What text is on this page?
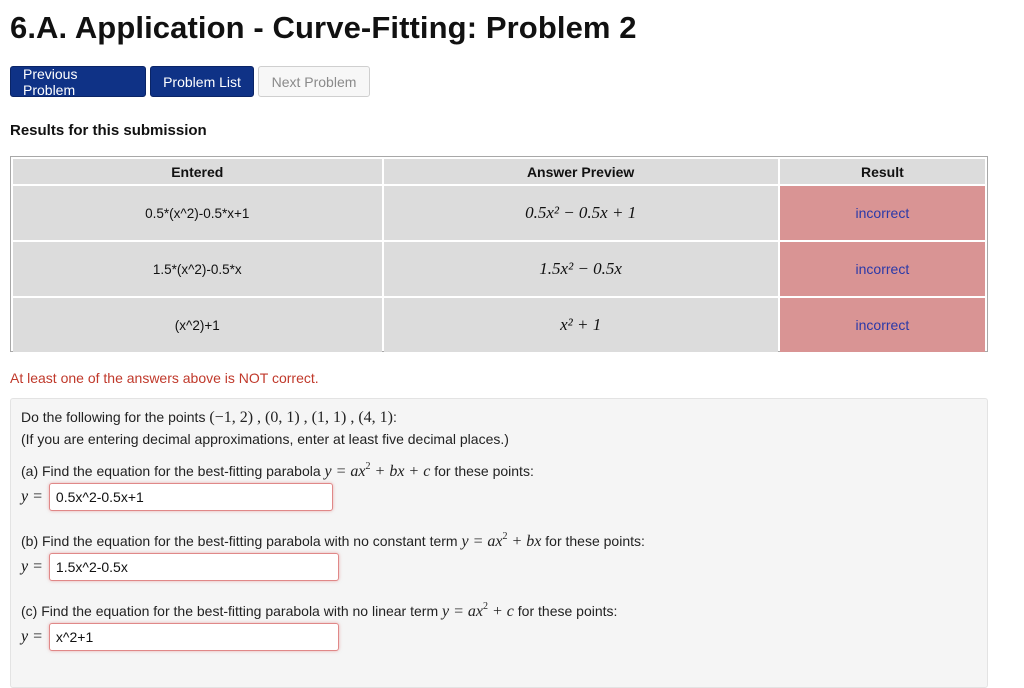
6.A. Application - Curve-Fitting: Problem 2
Previous Problem	Problem List	Next Problem
Results for this submission
Entered	Answer Preview	Result
0.5*(x^2)-0.5*x+1	0.5x² − 0.5x + 1	incorrect
1.5*(x^2)-0.5*x	1.5x² − 0.5x	incorrect
(x^2)+1	x² + 1	incorrect
At least one of the answers above is NOT correct.
Do the following for the points (−1, 2) , (0, 1) , (1, 1) , (4, 1):
(If you are entering decimal approximations, enter at least five decimal places.)
(a) Find the equation for the best-fitting parabola $y = ax^2$ + bx + c for these points:
y =
0.5x^2-0.5x+1
(b) Find the equation for the best-fitting parabola with no constant term $y = ax^2$ + bx for these points:
y =
1.5x^2-0.5x
(c) Find the equation for the best-fitting parabola with no linear term $y = ax^2 + c$ for these points:
y =
x^2+1
